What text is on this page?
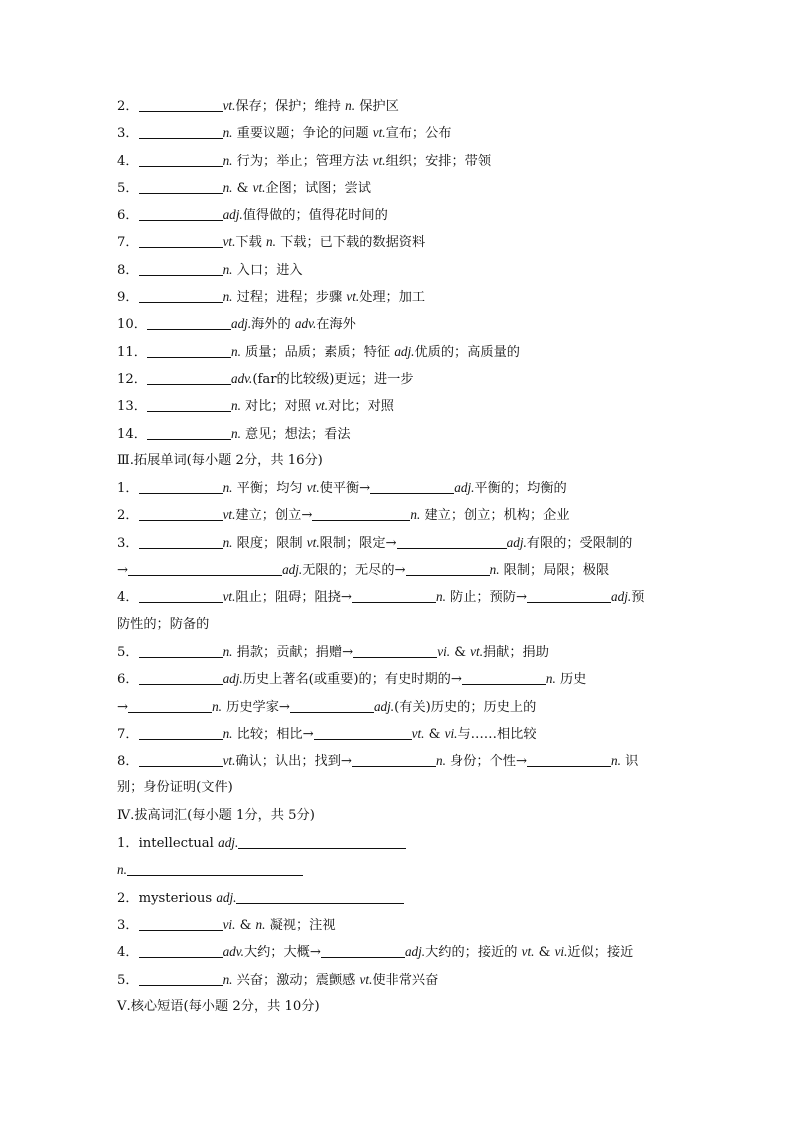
2．	vt.保存；保护；维持 n. 保护区
3．	n. 重要议题；争论的问题 vt.宣布；公布
4．	n. 行为；举止；管理方法 vt.组织；安排；带领
5．	n. & vt.企图；试图；尝试
6．	adj.值得做的；值得花时间的
7．	vt.下载 n. 下载；已下载的数据资料
8．	n. 入口；进入
9．	n. 过程；进程；步骤 vt.处理；加工
10．	adj.海外的 adv.在海外
11．	n. 质量；品质；素质；特征 adj.优质的；高质量的
12．	adv.(far的比较级)更远；进一步
13．	n. 对比；对照 vt.对比；对照
14．	n. 意见；想法；看法
Ⅲ.拓展单词(每小题 2分，共 16分)
1．	n. 平衡；均匀 vt.使平衡→	adj.平衡的；均衡的
2．	vt.建立；创立→	n. 建立；创立；机构；企业
3．	n. 限度；限制 vt.限制；限定→	adj.有限的；受限制的
→	adj.无限的；无尽的→	n. 限制；局限；极限
4．	vt.阻止；阻碍；阻挠→	n. 防止；预防→	adj.预
防性的；防备的
5．	n. 捐款；贡献；捐赠→	vi. & vt.捐献；捐助
6．	adj.历史上著名(或重要)的；有史时期的→	n. 历史
→	n. 历史学家→	adj.(有关)历史的；历史上的
7．	n. 比较；相比→	vt. & vi.与……相比较
8．	vt.确认；认出；找到→	n. 身份；个性→	n. 识
别；身份证明(文件)
Ⅳ.拔高词汇(每小题 1分，共 5分)
1．intellectual adj.
n.
2．mysterious adj.
3．	vi. & n. 凝视；注视
4．	adv.大约；大概→	adj.大约的；接近的 vt. & vi.近似；接近
5．	n. 兴奋；激动；震颤感 vt.使非常兴奋
Ⅴ.核心短语(每小题 2分，共 10分)
